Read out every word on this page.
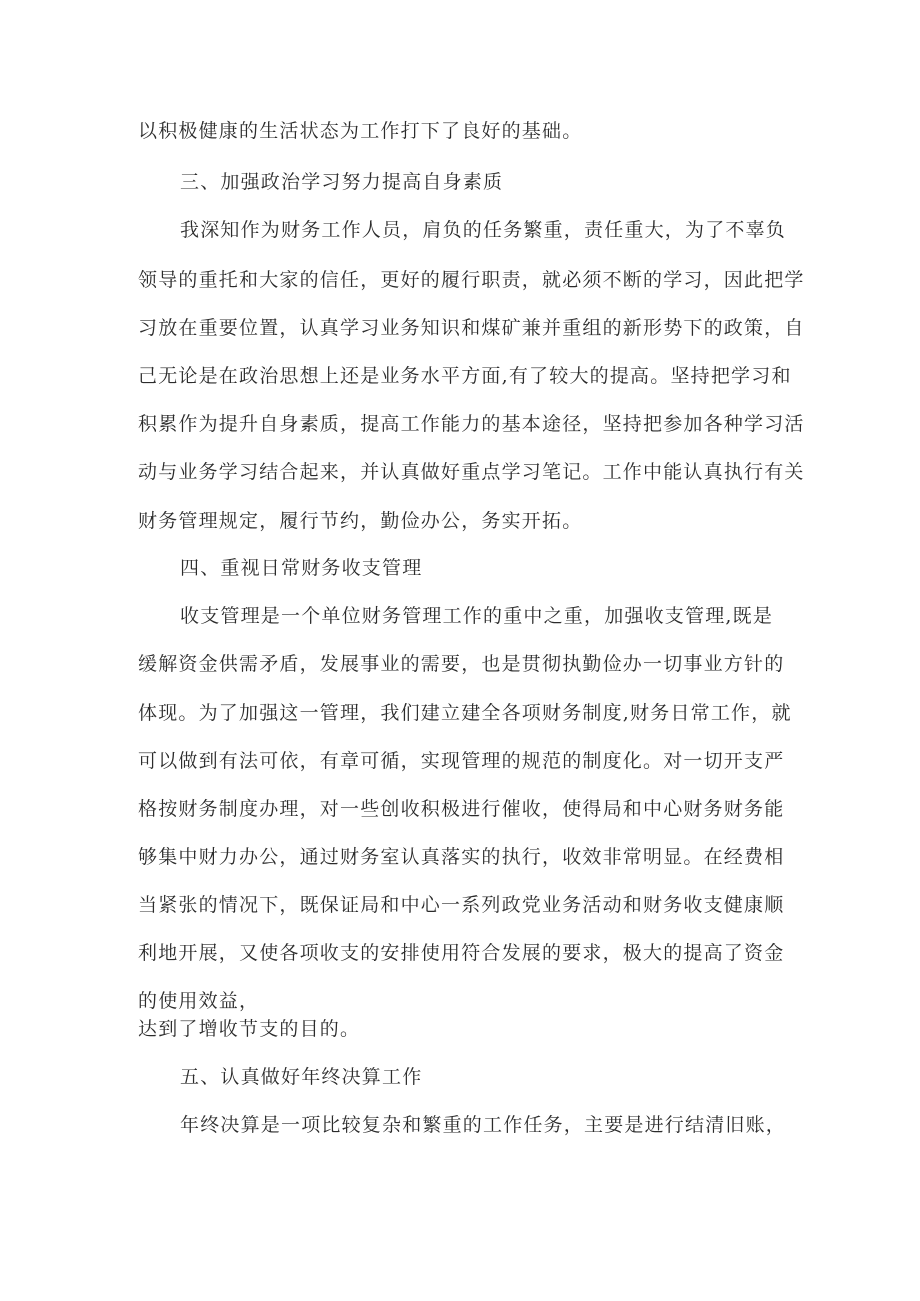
以积极健康的生活状态为工作打下了良好的基础。
三、加强政治学习努力提高自身素质
我深知作为财务工作人员，肩负的任务繁重，责任重大，为了不辜负
领导的重托和大家的信任，更好的履行职责，就必须不断的学习，因此把学
习放在重要位置，认真学习业务知识和煤矿兼并重组的新形势下的政策，自
己无论是在政治思想上还是业务水平方面,有了较大的提高。坚持把学习和
积累作为提升自身素质，提高工作能力的基本途径，坚持把参加各种学习活
动与业务学习结合起来，并认真做好重点学习笔记。工作中能认真执行有关
财务管理规定，履行节约，勤俭办公，务实开拓。
四、重视日常财务收支管理
收支管理是一个单位财务管理工作的重中之重，加强收支管理,既是
缓解资金供需矛盾，发展事业的需要，也是贯彻执勤俭办一切事业方针的
体现。为了加强这一管理，我们建立建全各项财务制度,财务日常工作，就
可以做到有法可依，有章可循，实现管理的规范的制度化。对一切开支严
格按财务制度办理，对一些创收积极进行催收，使得局和中心财务财务能
够集中财力办公，通过财务室认真落实的执行，收效非常明显。在经费相
当紧张的情况下，既保证局和中心一系列政党业务活动和财务收支健康顺
利地开展，又使各项收支的安排使用符合发展的要求，极大的提高了资金
的使用效益，
达到了增收节支的目的。
五、认真做好年终决算工作
年终决算是一项比较复杂和繁重的工作任务，主要是进行结清旧账，
